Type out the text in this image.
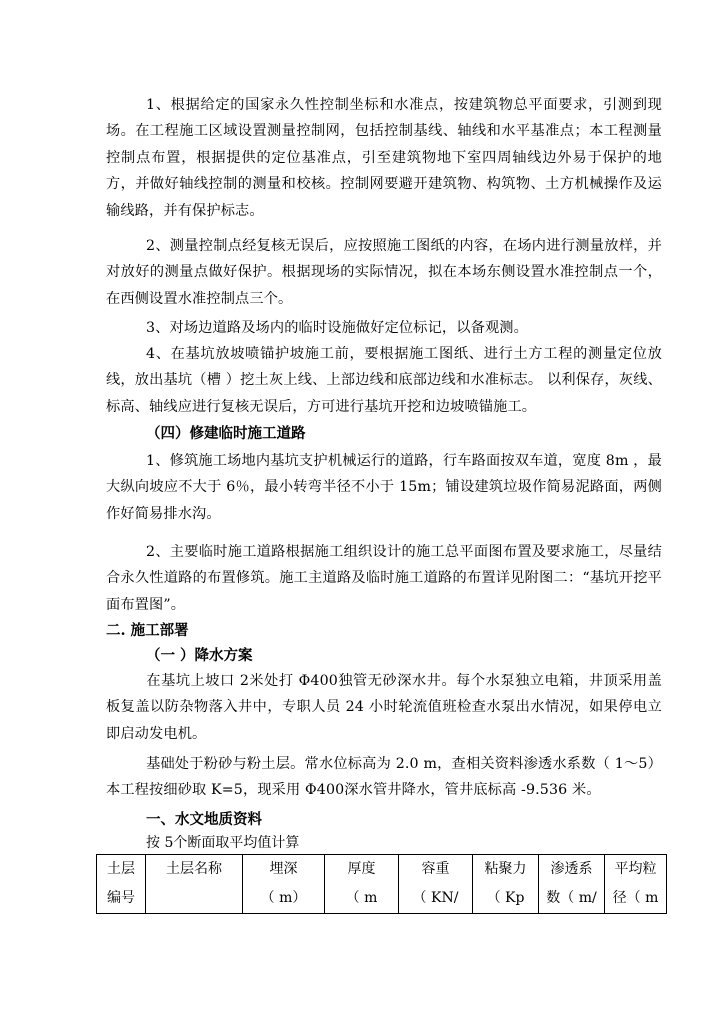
1、根据给定的国家永久性控制坐标和水准点，按建筑物总平面要求，引测到现场。在工程施工区域设置测量控制网，包括控制基线、轴线和水平基准点；本工程测量控制点布置，根据提供的定位基准点，引至建筑物地下室四周轴线边外易于保护的地方，并做好轴线控制的测量和校核。控制网要避开建筑物、构筑物、土方机械操作及运输线路，并有保护标志。

2、测量控制点经复核无误后，应按照施工图纸的内容，在场内进行测量放样，并对放好的测量点做好保护。根据现场的实际情况，拟在本场东侧设置水准控制点一个，在西侧设置水准控制点三个。

3、对场边道路及场内的临时设施做好定位标记，以备观测。

4、在基坑放坡喷锚护坡施工前，要根据施工图纸、进行土方工程的测量定位放线，放出基坑（槽 ）挖土灰上线、上部边线和底部边线和水准标志。 以利保存，灰线、标高、轴线应进行复核无误后，方可进行基坑开挖和边坡喷锚施工。

（四）修建临时施工道路

1、修筑施工场地内基坑支护机械运行的道路，行车路面按双车道，宽度 8m ，最大纵向坡应不大于 6％，最小转弯半径不小于 15m；铺设建筑垃圾作简易泥路面，两侧作好简易排水沟。

2、主要临时施工道路根据施工组织设计的施工总平面图布置及要求施工，尽量结合永久性道路的布置修筑。施工主道路及临时施工道路的布置详见附图二：“基坑开挖平面布置图”。

二. 施工部署

（一 ）降水方案

在基坑上坡口 2米处打 Φ400独管无砂深水井。每个水泵独立电箱，井顶采用盖板复盖以防杂物落入井中，专职人员 24 小时轮流值班检查水泵出水情况，如果停电立即启动发电机。

基础处于粉砂与粉土层。常水位标高为 2.0 m，查相关资料渗透水系数（ 1～5）本工程按细砂取 K=5，现采用 Φ400深水管井降水，管井底标高 -9.536 米。

一、水文地质资料

按 5个断面取平均值计算

土层	土层名称	埋深	厚度	容重	粘聚力	渗透系	平均粒
编号		（ m）	（ m	（ KN/	（ Kp	数（ m/	径（ m
